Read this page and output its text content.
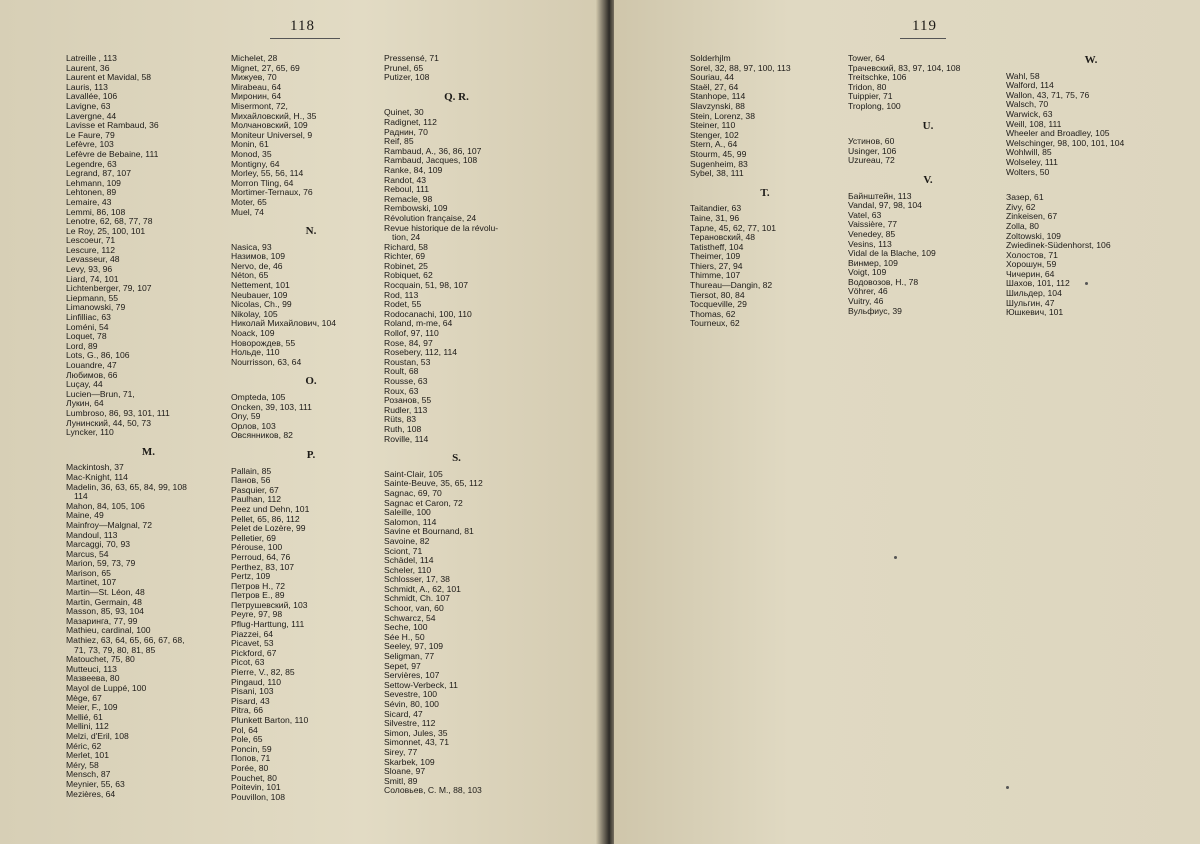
118
Latreille , 113
Laurent, 36
Laurent et Mavidal, 58
Lauris, 113
Lavallée, 106
Lavigne, 63
Lavergne, 44
Lavisse et Rambaud, 36
Le Faure, 79
Lefèvre, 103
Lefèvre de Bebaine, 111
Legendre, 63
Legrand, 87, 107
Lehmann, 109
Lehtonen, 89
Lemaire, 43
Lemmi, 86, 108
Lenotre, 62, 68, 77, 78
Le Roy, 25, 100, 101
Lescoeur, 71
Lescure, 112
Levasseur, 48
Levy, 93, 96
Liard, 74, 101
Lichtenberger, 79, 107
Liepmann, 55
Limanowski, 79
Linfilliac, 63
Loméni, 54
Loquet, 78
Lord, 89
Lots, G., 86, 106
Louandre, 47
Любимов, 66
Luçay, 44
Lucien—Brun, 71,
Лукин, 64
Lumbroso, 86, 93, 101, 111
Лунинский, 44, 50, 73
Lyncker, 110
M.
Mackintosh, 37
Mac-Knight, 114
Madelin, 36, 63, 65, 84, 99, 108
114
Mahon, 84, 105, 106
Maine, 49
Mainfroy—Malgnal, 72
Mandoul, 113
Marcaggi, 70, 93
Marcus, 54
Marion, 59, 73, 79
Marison, 65
Martinet, 107
Martin—St. Léon, 48
Martin, Germain, 48
Masson, 85, 93, 104
Мазаринга, 77, 99
Mathieu, cardinal, 100
Mathiez, 63, 64, 65, 66, 67, 68,
71, 73, 79, 80, 81, 85
Matouchet, 75, 80
Mutteuci, 113
Мазвеева, 80
Mayol de Luppé, 100
Mège, 67
Meier, F., 109
Mellié, 61
Mellini, 112
Melzi, d'Eril, 108
Méric, 62
Merlet, 101
Méry, 58
Mensch, 87
Meynier, 55, 63
Mezières, 64
Michelet, 28
Mignet, 27, 65, 69
Мижуев, 70
Mirabeau, 64
Миронин, 64
Misermont, 72,
Михайловский, Н., 35
Молчановский, 109
Moniteur Universel, 9
Monin, 61
Monod, 35
Montigny, 64
Morley, 55, 56, 114
Morron Tling, 64
Mortimer-Ternaux, 76
Moter, 65
Muel, 74
N.
Nasica, 93
Назимов, 109
Nervo, de, 46
Néton, 65
Nettement, 101
Neubauer, 109
Nicolas, Ch., 99
Nikolay, 105
Николай Михайлович, 104
Noack, 109
Новорождев, 55
Нольде, 110
Nourrisson, 63, 64
O.
Ompteda, 105
Oncken, 39, 103, 111
Ony, 59
Орлов, 103
Овсянников, 82
P.
Pallain, 85
Панов, 56
Pasquier, 67
Paulhan, 112
Peez und Dehn, 101
Pellet, 65, 86, 112
Pelet de Lozère, 99
Pelletier, 69
Pérouse, 100
Perroud, 64, 76
Perthez, 83, 107
Pertz, 109
Петров Н., 72
Петров Е., 89
Петрушевский, 103
Peyre, 97, 98
Pflug-Harttung, 111
Piazzei, 64
Picavet, 53
Pickford, 67
Picot, 63
Pierre, V., 82, 85
Pingaud, 110
Pisani, 103
Pisard, 43
Pitra, 66
Plunkett Barton, 110
Pol, 64
Pole, 65
Poncin, 59
Попов, 71
Porée, 80
Pouchet, 80
Poitevin, 101
Pouvillon, 108
Pressensé, 71
Prunel, 65
Putizer, 108
Q. R.
Quinet, 30
Radignet, 112
Раднин, 70
Reif, 85
Rambaud, A., 36, 86, 107
Rambaud, Jacques, 108
Ranke, 84, 109
Randot, 43
Reboul, 111
Remacle, 98
Rembowski, 109
Révolution française, 24
Revue historique de la révolu-
tion, 24
Richard, 58
Richter, 69
Robinet, 25
Robiquet, 62
Rocquain, 51, 98, 107
Rod, 113
Rodet, 55
Rodocanachi, 100, 110
Roland, m-me, 64
Rollof, 97, 110
Rose, 84, 97
Rosebery, 112, 114
Roustan, 53
Roult, 68
Rousse, 63
Roux, 63
Розанов, 55
Rudler, 113
Rüts, 83
Ruth, 108
Roville, 114
S.
Saint-Clair, 105
Sainte-Beuve, 35, 65, 112
Sagnac, 69, 70
Sagnac et Caron, 72
Saleille, 100
Salomon, 114
Savine et Bournand, 81
Savoine, 82
Sciont, 71
Schädel, 114
Scheler, 110
Schlosser, 17, 38
Schmidt, A., 62, 101
Schmidt, Ch. 107
Schoor, van, 60
Schwarcz, 54
Seche, 100
Sée H., 50
Seeley, 97, 109
Seligman, 77
Sepet, 97
Servières, 107
Settow-Verbeck, 11
Sevestre, 100
Sévin, 80, 100
Sicard, 47
Silvestre, 112
Simon, Jules, 35
Simonnet, 43, 71
Sirey, 77
Skarbek, 109
Sloane, 97
Smitl, 89
Соловьев, С. М., 88, 103
119
Solderhjlm
Sorel, 32, 88, 97, 100, 113
Souriau, 44
Staël, 27, 64
Stanhope, 114
Slavzynski, 88
Stein, Lorenz, 38
Steiner, 110
Stenger, 102
Stern, A., 64
Stourm, 45, 99
Sugenheim, 83
Sybel, 38, 111
T.
Taitandier, 63
Taine, 31, 96
Тарле, 45, 62, 77, 101
Терановский, 48
Tatistheff, 104
Theimer, 109
Thiers, 27, 94
Thimme, 107
Thureau—Dangin, 82
Tiersot, 80, 84
Tocqueville, 29
Thomas, 62
Tourneux, 62
Tower, 64
Трачевский, 83, 97, 104, 108
Treitschke, 106
Tridon, 80
Tuippier, 71
Troplong, 100
U.
Устинов, 60
Usinger, 106
Uzureau, 72
V.
Байнштейн, 113
Vandal, 97, 98, 104
Vatel, 63
Vaissière, 77
Venedey, 85
Vesins, 113
Vidal de la Blache, 109
Винмер, 109
Voigt, 109
Водовозов, Н., 78
Vöhrer, 46
Vuitry, 46
Вульфиус, 39
W.
Wahl, 58
Walford, 114
Wallon, 43, 71, 75, 76
Walsch, 70
Warwick, 63
Weill, 108, 111
Wheeler and Broadley, 105
Welschinger, 98, 100, 101, 104
Wohlwill, 85
Wolseley, 111
Wolters, 50
Зазер, 61
Zivy, 62
Zinkeisen, 67
Zolla, 80
Zoltowski, 109
Zwiedinek-Südenhorst, 106
Холостов, 71
Хорошун, 59
Чичерин, 64
Шахов, 101, 112
Шильдер, 104
Шульгин, 47
Юшкевич, 101
